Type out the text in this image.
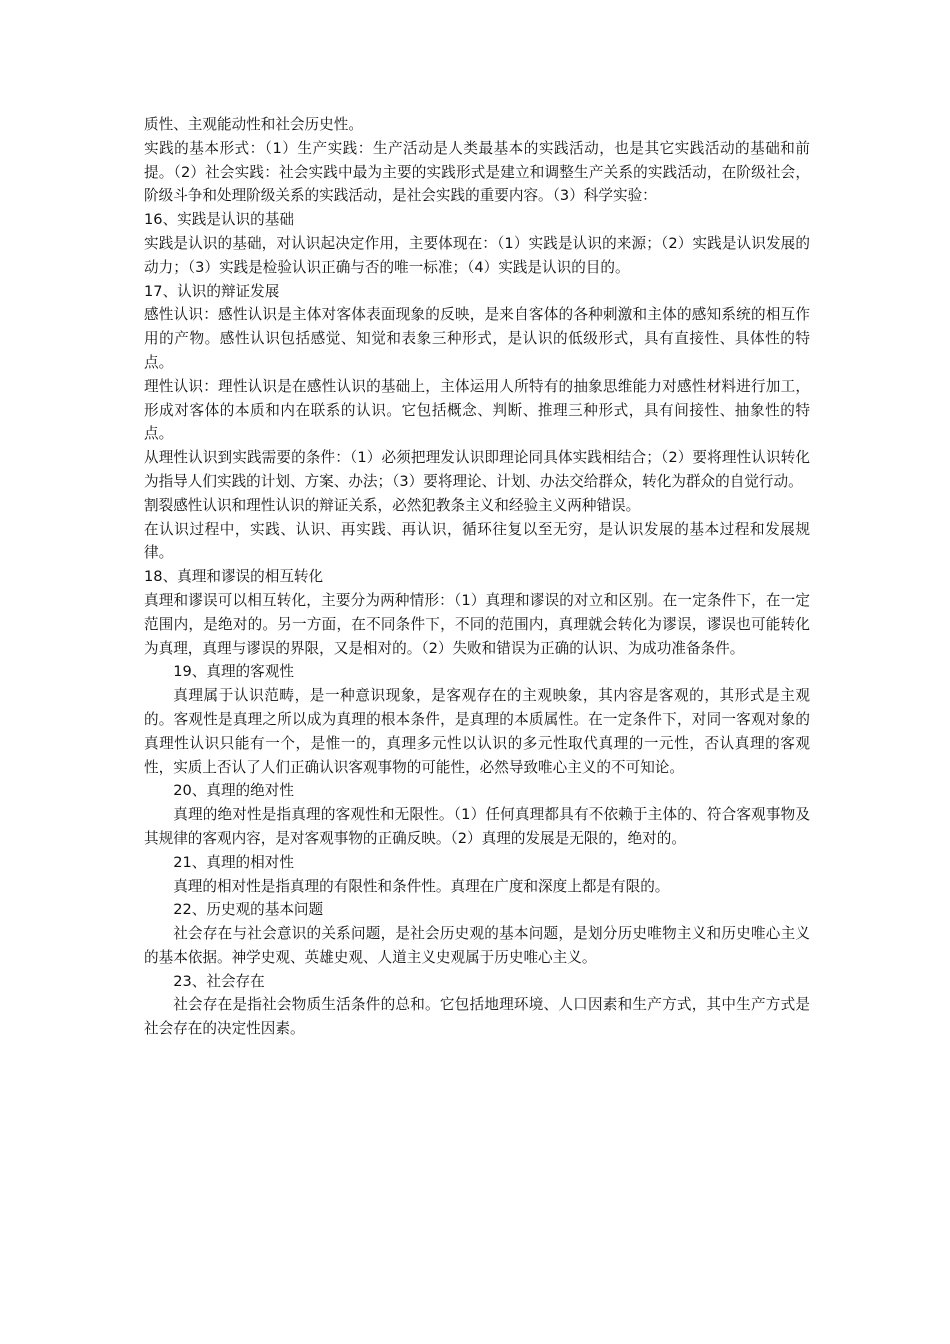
质性、主观能动性和社会历史性。

实践的基本形式：（1）生产实践：生产活动是人类最基本的实践活动，也是其它实践活动的基础和前提。（2）社会实践：社会实践中最为主要的实践形式是建立和调整生产关系的实践活动，在阶级社会，阶级斗争和处理阶级关系的实践活动，是社会实践的重要内容。（3）科学实验：

16、实践是认识的基础

实践是认识的基础，对认识起决定作用，主要体现在：（1）实践是认识的来源；（2）实践是认识发展的动力；（3）实践是检验认识正确与否的唯一标准；（4）实践是认识的目的。

17、认识的辩证发展

感性认识：感性认识是主体对客体表面现象的反映，是来自客体的各种刺激和主体的感知系统的相互作用的产物。感性认识包括感觉、知觉和表象三种形式，是认识的低级形式，具有直接性、具体性的特点。

理性认识：理性认识是在感性认识的基础上，主体运用人所特有的抽象思维能力对感性材料进行加工，形成对客体的本质和内在联系的认识。它包括概念、判断、推理三种形式，具有间接性、抽象性的特点。

从理性认识到实践需要的条件：（1）必须把理发认识即理论同具体实践相结合；（2）要将理性认识转化为指导人们实践的计划、方案、办法；（3）要将理论、计划、办法交给群众，转化为群众的自觉行动。

割裂感性认识和理性认识的辩证关系，必然犯教条主义和经验主义两种错误。

在认识过程中，实践、认识、再实践、再认识，循环往复以至无穷，是认识发展的基本过程和发展规律。

18、真理和谬误的相互转化

真理和谬误可以相互转化，主要分为两种情形：（1）真理和谬误的对立和区别。在一定条件下，在一定范围内，是绝对的。另一方面，在不同条件下，不同的范围内，真理就会转化为谬误，谬误也可能转化为真理，真理与谬误的界限，又是相对的。（2）失败和错误为正确的认识、为成功准备条件。

19、真理的客观性

真理属于认识范畴，是一种意识现象，是客观存在的主观映象，其内容是客观的，其形式是主观的。客观性是真理之所以成为真理的根本条件，是真理的本质属性。在一定条件下，对同一客观对象的真理性认识只能有一个，是惟一的，真理多元性以认识的多元性取代真理的一元性，否认真理的客观性，实质上否认了人们正确认识客观事物的可能性，必然导致唯心主义的不可知论。

20、真理的绝对性

真理的绝对性是指真理的客观性和无限性。（1）任何真理都具有不依赖于主体的、符合客观事物及其规律的客观内容，是对客观事物的正确反映。（2）真理的发展是无限的，绝对的。

21、真理的相对性

真理的相对性是指真理的有限性和条件性。真理在广度和深度上都是有限的。

22、历史观的基本问题

社会存在与社会意识的关系问题，是社会历史观的基本问题，是划分历史唯物主义和历史唯心主义的基本依据。神学史观、英雄史观、人道主义史观属于历史唯心主义。

23、社会存在

社会存在是指社会物质生活条件的总和。它包括地理环境、人口因素和生产方式，其中生产方式是社会存在的决定性因素。
